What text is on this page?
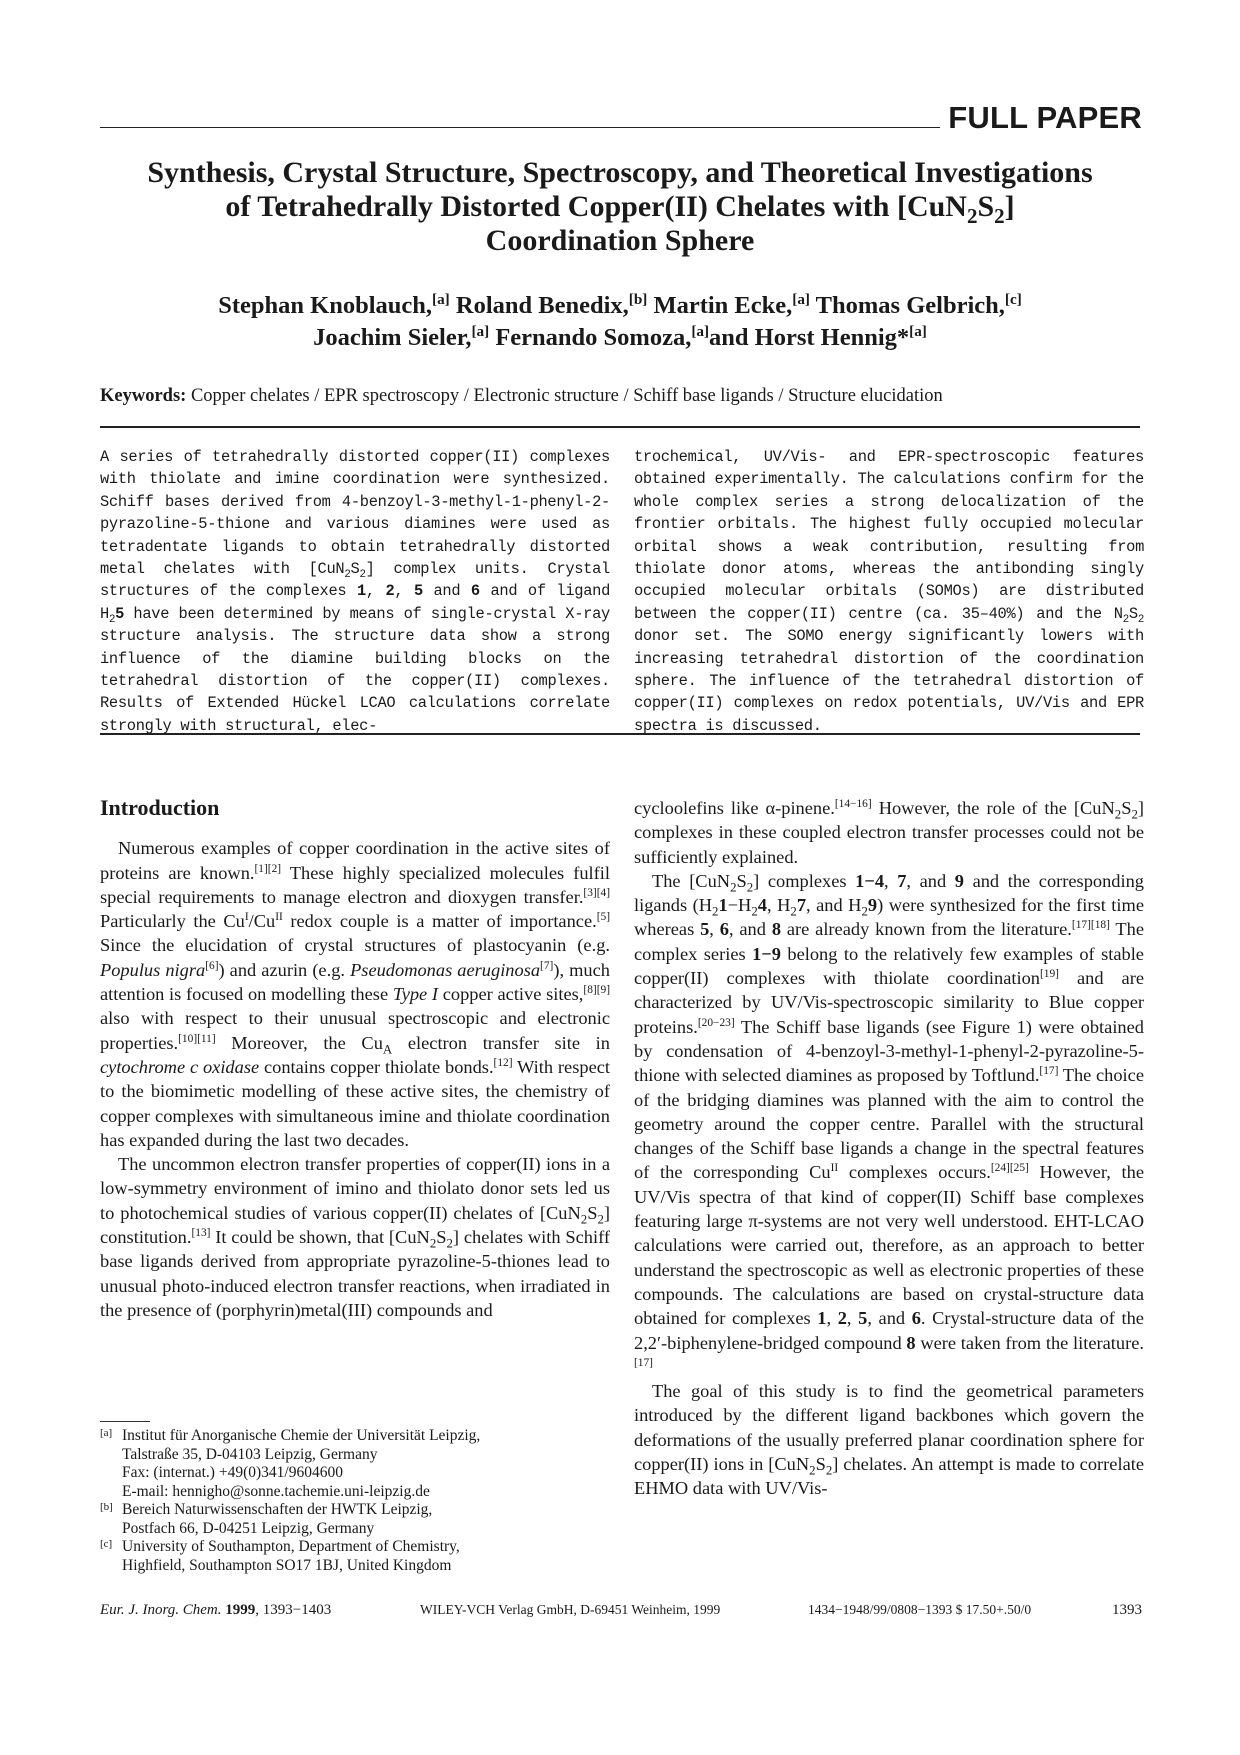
FULL PAPER
Synthesis, Crystal Structure, Spectroscopy, and Theoretical Investigations
of Tetrahedrally Distorted Copper(II) Chelates with $[CuN_2S_2]$
Coordination Sphere
Stephan Knoblauch,[a] Roland Benedix,[b] Martin Ecke,[a] Thomas Gelbrich,[c]
Joachim Sieler,[a] Fernando Somoza,[a]and Horst Hennig*[a]
Keywords: Copper chelates / EPR spectroscopy / Electronic structure / Schiff base ligands / Structure elucidation
A series of tetrahedrally distorted copper(II) complexes with thiolate and imine coordination were synthesized. Schiff bases derived from 4-benzoyl-3-methyl-1-phenyl-2-pyrazoline-5-thione and various diamines were used as tetradentate ligands to obtain tetrahedrally distorted metal chelates with $[CuN_2S_2]$ complex units. Crystal structures of the complexes 1, 2, 5 and 6 and of ligand $H_25$ have been determined by means of single-crystal X-ray structure analysis. The structure data show a strong influence of the diamine building blocks on the tetrahedral distortion of the copper(II) complexes. Results of Extended Hückel LCAO calculations correlate strongly with structural, elec-
trochemical, UV/Vis- and EPR-spectroscopic features obtained experimentally. The calculations confirm for the whole complex series a strong delocalization of the frontier orbitals. The highest fully occupied molecular orbital shows a weak contribution, resulting from thiolate donor atoms, whereas the antibonding singly occupied molecular orbitals (SOMOs) are distributed between the copper(II) centre (ca. 35–40%) and the $N_2S_2$ donor set. The SOMO energy significantly lowers with increasing tetrahedral distortion of the coordination sphere. The influence of the tetrahedral distortion of copper(II) complexes on redox potentials, UV/Vis and EPR spectra is discussed.

Introduction

Numerous examples of copper coordination in the active sites of proteins are known.[1][2] These highly specialized molecules fulfil special requirements to manage electron and dioxygen transfer.[3][4] Particularly the $Cu^I/Cu^{II}$ redox couple is a matter of importance.[5] Since the elucidation of crystal structures of plastocyanin (e.g. Populus nigra[6]) and azurin (e.g. Pseudomonas aeruginosa[7]), much attention is focused on modelling these Type I copper active sites,[8][9] also with respect to their unusual spectroscopic and electronic properties.[10][11] Moreover, the $Cu_A$ electron transfer site in cytochrome c oxidase contains copper thiolate bonds.[12] With respect to the biomimetic modelling of these active sites, the chemistry of copper complexes with simultaneous imine and thiolate coordination has expanded during the last two decades.

The uncommon electron transfer properties of copper(II) ions in a low-symmetry environment of imino and thiolato donor sets led us to photochemical studies of various copper(II) chelates of $[CuN_2S_2]$ constitution.[13] It could be shown, that $[CuN_2S_2]$ chelates with Schiff base ligands derived from appropriate pyrazoline-5-thiones lead to unusual photo-induced electron transfer reactions, when irradiated in the presence of (porphyrin)metal(III) compounds and

cycloolefins like α-pinene.[14−16] However, the role of the $[CuN_2S_2]$ complexes in these coupled electron transfer processes could not be sufficiently explained.

The $[CuN_2S_2]$ complexes 1−4, 7, and 9 and the corresponding ligands ($H_21-H_24$, $H_27$, and $H_29$) were synthesized for the first time whereas 5, 6, and 8 are already known from the literature.[17][18] The complex series 1−9 belong to the relatively few examples of stable copper(II) complexes with thiolate coordination[19] and are characterized by UV/Vis-spectroscopic similarity to Blue copper proteins.[20−23] The Schiff base ligands (see Figure 1) were obtained by condensation of 4-benzoyl-3-methyl-1-phenyl-2-pyrazoline-5-thione with selected diamines as proposed by Toftlund.[17] The choice of the bridging diamines was planned with the aim to control the geometry around the copper centre. Parallel with the structural changes of the Schiff base ligands a change in the spectral features of the corresponding $Cu^{II}$ complexes occurs.[24][25] However, the UV/Vis spectra of that kind of copper(II) Schiff base complexes featuring large π-systems are not very well understood. EHT-LCAO calculations were carried out, therefore, as an approach to better understand the spectroscopic as well as electronic properties of these compounds. The calculations are based on crystal-structure data obtained for complexes 1, 2, 5, and 6. Crystal-structure data of the 2,2′-biphenylene-bridged compound 8 were taken from the literature.[17]

The goal of this study is to find the geometrical parameters introduced by the different ligand backbones which govern the deformations of the usually preferred planar coordination sphere for copper(II) ions in $[CuN_2S_2]$ chelates. An attempt is made to correlate EHMO data with UV/Vis-

[a] Institut für Anorganische Chemie der Universität Leipzig,
Talstraße 35, D-04103 Leipzig, Germany
Fax: (internat.) +49(0)341/9604600
E-mail: hennigho@sonne.tachemie.uni-leipzig.de
[b] Bereich Naturwissenschaften der HWTK Leipzig,
Postfach 66, D-04251 Leipzig, Germany
[c] University of Southampton, Department of Chemistry,
Highfield, Southampton SO17 1BJ, United Kingdom
Eur. J. Inorg. Chem. 1999, 1393−1403	WILEY-VCH Verlag GmbH, D-69451 Weinheim, 1999	1434−1948/99/0808−1393 $ 17.50+.50/0	1393
